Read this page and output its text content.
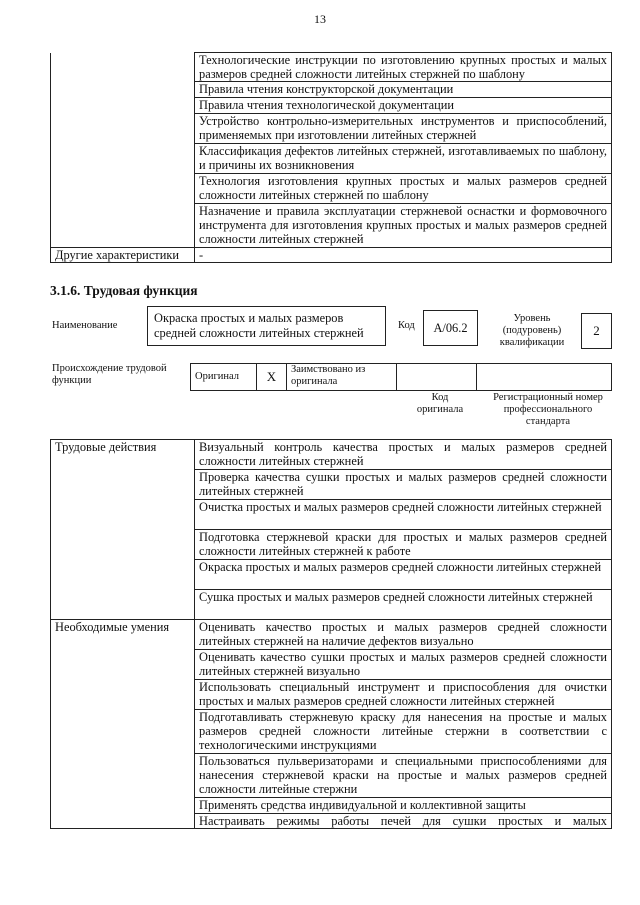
13
	Технологические инструкции по изготовлению крупных простых и малых размеров средней сложности литейных стержней по шаблону
	Правила чтения конструкторской документации
	Правила чтения технологической документации
	Устройство контрольно-измерительных инструментов и приспособлений, применяемых при изготовлении литейных стержней
	Классификация дефектов литейных стержней, изготавливаемых по шаблону, и причины их возникновения
	Технология изготовления крупных простых и малых размеров средней сложности литейных стержней по шаблону
	Назначение и правила эксплуатации стержневой оснастки и формовочного инструмента для изготовления крупных простых и малых размеров средней сложности литейных стержней
Другие характеристики	-
3.1.6. Трудовая функция
Наименование
Окраска простых и малых размеров средней сложности литейных стержней
Код	А/06.2
Уровень (подуровень) квалификации
2
Происхождение трудовой функции	Оригинал	X	Заимствовано из оригинала		
Код оригинала
Регистрационный номер профессионального стандарта
Трудовые действия	Визуальный контроль качества простых и малых размеров средней сложности литейных стержней
	Проверка качества сушки простых и малых размеров средней сложности литейных стержней
	Очистка простых и малых размеров средней сложности литейных стержней
	Подготовка стержневой краски для простых и малых размеров средней сложности литейных стержней к работе
	Окраска простых и малых размеров средней сложности литейных стержней
	Сушка простых и малых размеров средней сложности литейных стержней
Необходимые умения	Оценивать качество простых и малых размеров средней сложности литейных стержней на наличие дефектов визуально
	Оценивать качество сушки простых и малых размеров средней сложности литейных стержней визуально
	Использовать специальный инструмент и приспособления для очистки простых и малых размеров средней сложности литейных стержней
	Подготавливать стержневую краску для нанесения на простые и малых размеров средней сложности литейные стержни в соответствии с технологическими инструкциями
	Пользоваться пульверизаторами и специальными приспособлениями для нанесения стержневой краски на простые и малых размеров средней сложности литейные стержни
	Применять средства индивидуальной и коллективной защиты
	Настраивать режимы работы печей для сушки простых и малых
